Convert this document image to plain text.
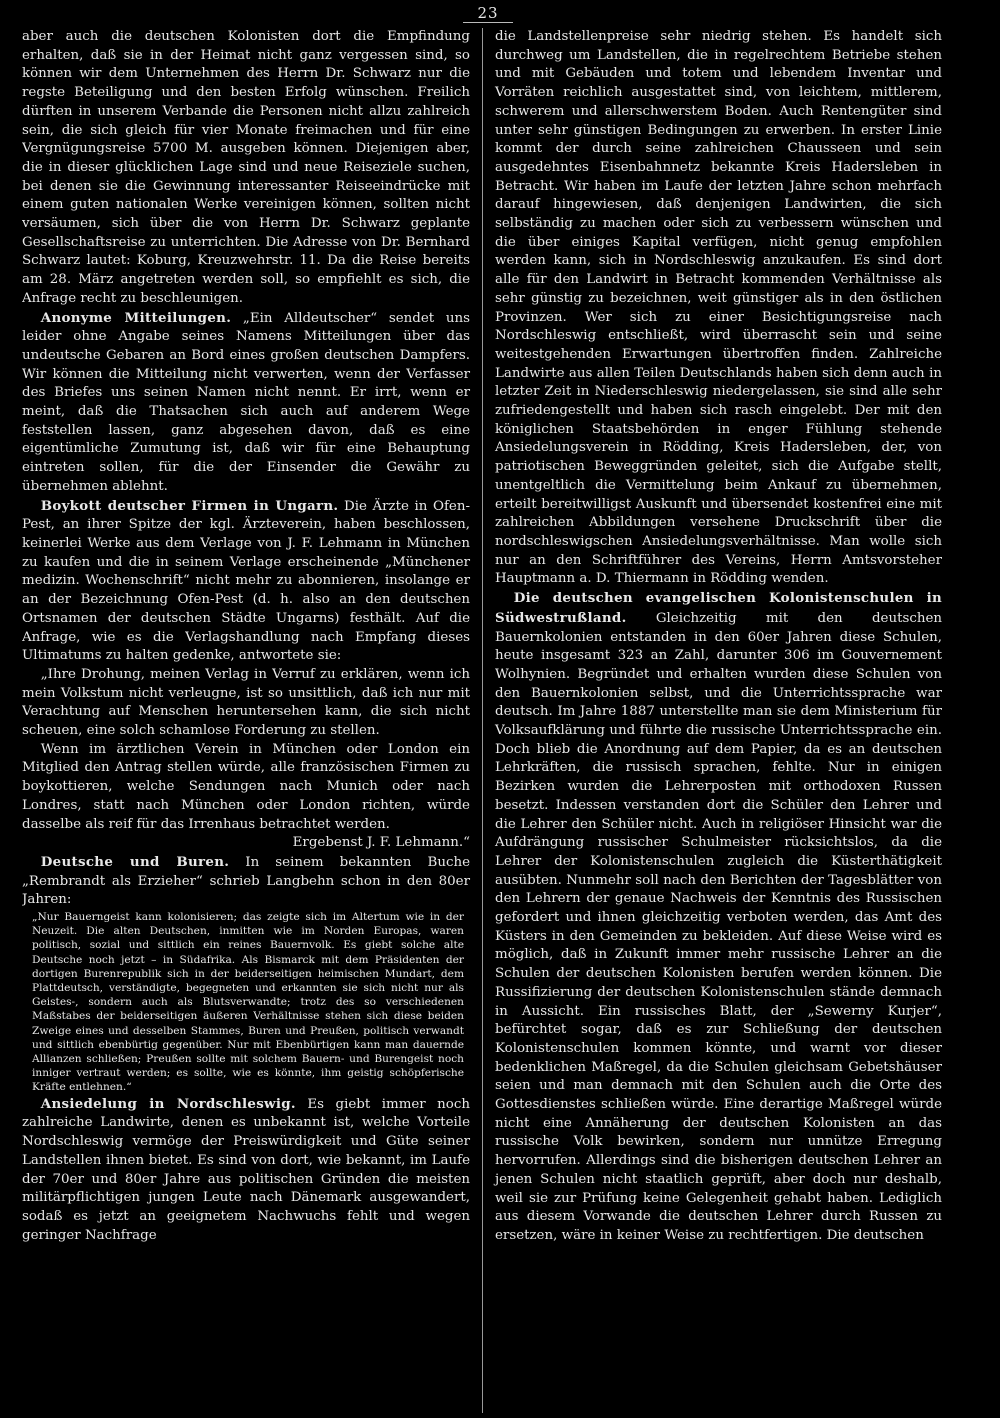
23

aber auch die deutschen Kolonisten dort die Empfindung erhalten, daß sie in der Heimat nicht ganz vergessen sind, so können wir dem Unternehmen des Herrn Dr. Schwarz nur die regste Beteiligung und den besten Erfolg wünschen. Freilich dürften in unserem Verbande die Personen nicht allzu zahlreich sein, die sich gleich für vier Monate freimachen und für eine Vergnügungsreise 5700 M. ausgeben können. Diejenigen aber, die in dieser glücklichen Lage sind und neue Reiseziele suchen, bei denen sie die Gewinnung interessanter Reiseeindrücke mit einem guten nationalen Werke vereinigen können, sollten nicht versäumen, sich über die von Herrn Dr. Schwarz geplante Gesellschaftsreise zu unterrichten. Die Adresse von Dr. Bernhard Schwarz lautet: Koburg, Kreuzwehrstr. 11. Da die Reise bereits am 28. März angetreten werden soll, so empfiehlt es sich, die Anfrage recht zu beschleunigen.

Anonyme Mitteilungen. „Ein Alldeutscher“ sendet uns leider ohne Angabe seines Namens Mitteilungen über das undeutsche Gebaren an Bord eines großen deutschen Dampfers. Wir können die Mitteilung nicht verwerten, wenn der Verfasser des Briefes uns seinen Namen nicht nennt. Er irrt, wenn er meint, daß die Thatsachen sich auch auf anderem Wege feststellen lassen, ganz abgesehen davon, daß es eine eigentümliche Zumutung ist, daß wir für eine Behauptung eintreten sollen, für die der Einsender die Gewähr zu übernehmen ablehnt.

Boykott deutscher Firmen in Ungarn. Die Ärzte in Ofen-Pest, an ihrer Spitze der kgl. Ärzteverein, haben beschlossen, keinerlei Werke aus dem Verlage von J. F. Lehmann in München zu kaufen und die in seinem Verlage erscheinende „Münchener medizin. Wochenschrift“ nicht mehr zu abonnieren, insolange er an der Bezeichnung Ofen-Pest (d. h. also an den deutschen Ortsnamen der deutschen Städte Ungarns) festhält. Auf die Anfrage, wie es die Verlagshandlung nach Empfang dieses Ultimatums zu halten gedenke, antwortete sie:

„Ihre Drohung, meinen Verlag in Verruf zu erklären, wenn ich mein Volkstum nicht verleugne, ist so unsittlich, daß ich nur mit Verachtung auf Menschen heruntersehen kann, die sich nicht scheuen, eine solch schamlose Forderung zu stellen.

Wenn im ärztlichen Verein in München oder London ein Mitglied den Antrag stellen würde, alle französischen Firmen zu boykottieren, welche Sendungen nach Munich oder nach Londres, statt nach München oder London richten, würde dasselbe als reif für das Irrenhaus betrachtet werden.

Ergebenst J. F. Lehmann.“

Deutsche und Buren. In seinem bekannten Buche „Rembrandt als Erzieher“ schrieb Langbehn schon in den 80er Jahren:

„Nur Bauerngeist kann kolonisieren; das zeigte sich im Altertum wie in der Neuzeit. Die alten Deutschen, inmitten wie im Norden Europas, waren politisch, sozial und sittlich ein reines Bauernvolk. Es giebt solche alte Deutsche noch jetzt – in Südafrika. Als Bismarck mit dem Präsidenten der dortigen Burenrepublik sich in der beiderseitigen heimischen Mundart, dem Plattdeutsch, verständigte, begegneten und erkannten sie sich nicht nur als Geistes-, sondern auch als Blutsverwandte; trotz des so verschiedenen Maßstabes der beiderseitigen äußeren Verhältnisse stehen sich diese beiden Zweige eines und desselben Stammes, Buren und Preußen, politisch verwandt und sittlich ebenbürtig gegenüber. Nur mit Ebenbürtigen kann man dauernde Allianzen schließen; Preußen sollte mit solchem Bauern- und Burengeist noch inniger vertraut werden; es sollte, wie es könnte, ihm geistig schöpferische Kräfte entlehnen.“

Ansiedelung in Nordschleswig. Es giebt immer noch zahlreiche Landwirte, denen es unbekannt ist, welche Vorteile Nordschleswig vermöge der Preiswürdigkeit und Güte seiner Landstellen ihnen bietet. Es sind von dort, wie bekannt, im Laufe der 70er und 80er Jahre aus politischen Gründen die meisten militärpflichtigen jungen Leute nach Dänemark ausgewandert, sodaß es jetzt an geeignetem Nachwuchs fehlt und wegen geringer Nachfrage

die Landstellenpreise sehr niedrig stehen. Es handelt sich durchweg um Landstellen, die in regelrechtem Betriebe stehen und mit Gebäuden und totem und lebendem Inventar und Vorräten reichlich ausgestattet sind, von leichtem, mittlerem, schwerem und allerschwerstem Boden. Auch Rentengüter sind unter sehr günstigen Bedingungen zu erwerben. In erster Linie kommt der durch seine zahlreichen Chausseen und sein ausgedehntes Eisenbahnnetz bekannte Kreis Hadersleben in Betracht. Wir haben im Laufe der letzten Jahre schon mehrfach darauf hingewiesen, daß denjenigen Landwirten, die sich selbständig zu machen oder sich zu verbessern wünschen und die über einiges Kapital verfügen, nicht genug empfohlen werden kann, sich in Nordschleswig anzukaufen. Es sind dort alle für den Landwirt in Betracht kommenden Verhältnisse als sehr günstig zu bezeichnen, weit günstiger als in den östlichen Provinzen. Wer sich zu einer Besichtigungsreise nach Nordschleswig entschließt, wird überrascht sein und seine weitestgehenden Erwartungen übertroffen finden. Zahlreiche Landwirte aus allen Teilen Deutschlands haben sich denn auch in letzter Zeit in Niederschleswig niedergelassen, sie sind alle sehr zufriedengestellt und haben sich rasch eingelebt. Der mit den königlichen Staatsbehörden in enger Fühlung stehende Ansiedelungsverein in Rödding, Kreis Hadersleben, der, von patriotischen Beweggründen geleitet, sich die Aufgabe stellt, unentgeltlich die Vermittelung beim Ankauf zu übernehmen, erteilt bereitwilligst Auskunft und übersendet kostenfrei eine mit zahlreichen Abbildungen versehene Druckschrift über die nordschleswigschen Ansiedelungsverhältnisse. Man wolle sich nur an den Schriftführer des Vereins, Herrn Amtsvorsteher Hauptmann a. D. Thiermann in Rödding wenden.

Die deutschen evangelischen Kolonistenschulen in Südwestrußland. Gleichzeitig mit den deutschen Bauernkolonien entstanden in den 60er Jahren diese Schulen, heute insgesamt 323 an Zahl, darunter 306 im Gouvernement Wolhynien. Begründet und erhalten wurden diese Schulen von den Bauernkolonien selbst, und die Unterrichtssprache war deutsch. Im Jahre 1887 unterstellte man sie dem Ministerium für Volksaufklärung und führte die russische Unterrichtssprache ein. Doch blieb die Anordnung auf dem Papier, da es an deutschen Lehrkräften, die russisch sprachen, fehlte. Nur in einigen Bezirken wurden die Lehrerposten mit orthodoxen Russen besetzt. Indessen verstanden dort die Schüler den Lehrer und die Lehrer den Schüler nicht. Auch in religiöser Hinsicht war die Aufdrängung russischer Schulmeister rücksichtslos, da die Lehrer der Kolonistenschulen zugleich die Küsterthätigkeit ausübten. Nunmehr soll nach den Berichten der Tagesblätter von den Lehrern der genaue Nachweis der Kenntnis des Russischen gefordert und ihnen gleichzeitig verboten werden, das Amt des Küsters in den Gemeinden zu bekleiden. Auf diese Weise wird es möglich, daß in Zukunft immer mehr russische Lehrer an die Schulen der deutschen Kolonisten berufen werden können. Die Russifizierung der deutschen Kolonistenschulen stände demnach in Aussicht. Ein russisches Blatt, der „Sewerny Kurjer“, befürchtet sogar, daß es zur Schließung der deutschen Kolonistenschulen kommen könnte, und warnt vor dieser bedenklichen Maßregel, da die Schulen gleichsam Gebetshäuser seien und man demnach mit den Schulen auch die Orte des Gottesdienstes schließen würde. Eine derartige Maßregel würde nicht eine Annäherung der deutschen Kolonisten an das russische Volk bewirken, sondern nur unnütze Erregung hervorrufen. Allerdings sind die bisherigen deutschen Lehrer an jenen Schulen nicht staatlich geprüft, aber doch nur deshalb, weil sie zur Prüfung keine Gelegenheit gehabt haben. Lediglich aus diesem Vorwande die deutschen Lehrer durch Russen zu ersetzen, wäre in keiner Weise zu rechtfertigen. Die deutschen
